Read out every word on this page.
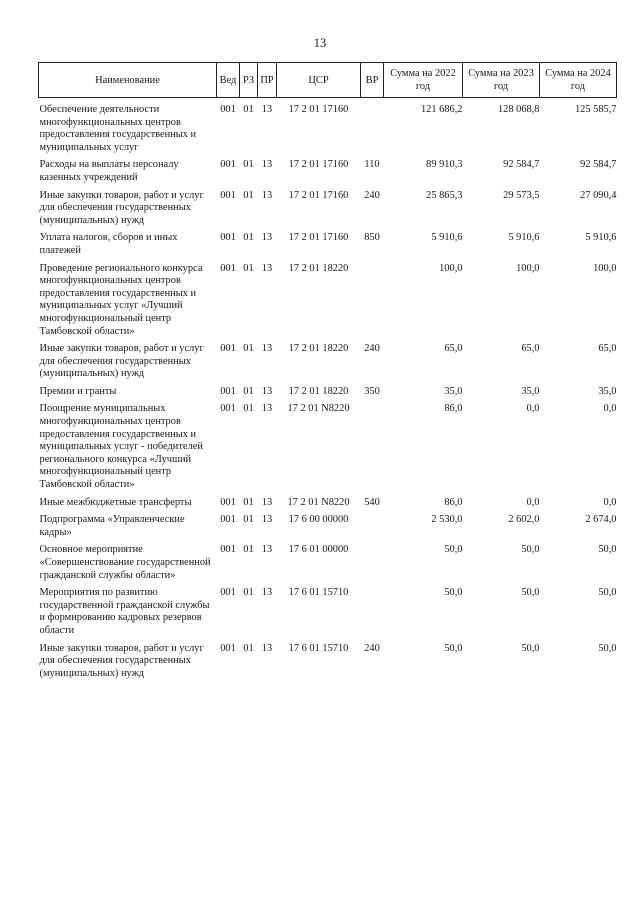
13
Наименование	Вед	РЗ	ПР	ЦСР	ВР	Сумма на 2022 год	Сумма на 2023 год	Сумма на 2024 год

Обеспечение деятельности многофункциональных центров предоставления государственных и муниципальных услуг	001	01	13	17 2 01 17160		121 686,2	128 068,8	125 585,7

Расходы на выплаты персоналу казенных учреждений	001	01	13	17 2 01 17160	110	89 910,3	92 584,7	92 584,7

Иные закупки товаров, работ и услуг для обеспечения государственных (муниципальных) нужд	001	01	13	17 2 01 17160	240	25 865,3	29 573,5	27 090,4

Уплата налогов, сборов и иных платежей	001	01	13	17 2 01 17160	850	5 910,6	5 910,6	5 910,6

Проведение регионального конкурса многофункциональных центров предоставления государственных и муниципальных услуг «Лучший многофункциональный центр Тамбовской области»	001	01	13	17 2 01 18220		100,0	100,0	100,0

Иные закупки товаров, работ и услуг для обеспечения государственных (муниципальных) нужд	001	01	13	17 2 01 18220	240	65,0	65,0	65,0

Премии и гранты	001	01	13	17 2 01 18220	350	35,0	35,0	35,0

Поощрение муниципальных многофункциональных центров предоставления государственных и муниципальных услуг - победителей регионального конкурса «Лучший многофункциональный центр Тамбовской области»	001	01	13	17 2 01 N8220		86,0	0,0	0,0

Иные межбюджетные трансферты	001	01	13	17 2 01 N8220	540	86,0	0,0	0,0

Подпрограмма «Управленческие кадры»	001	01	13	17 6 00 00000		2 530,0	2 602,0	2 674,0

Основное мероприятие «Совершенствование государственной гражданской службы области»	001	01	13	17 6 01 00000		50,0	50,0	50,0

Мероприятия по развитию государственной гражданской службы и формированию кадровых резервов области	001	01	13	17 6 01 15710		50,0	50,0	50,0

Иные закупки товаров, работ и услуг для обеспечения государственных (муниципальных) нужд	001	01	13	17 6 01 15710	240	50,0	50,0	50,0
